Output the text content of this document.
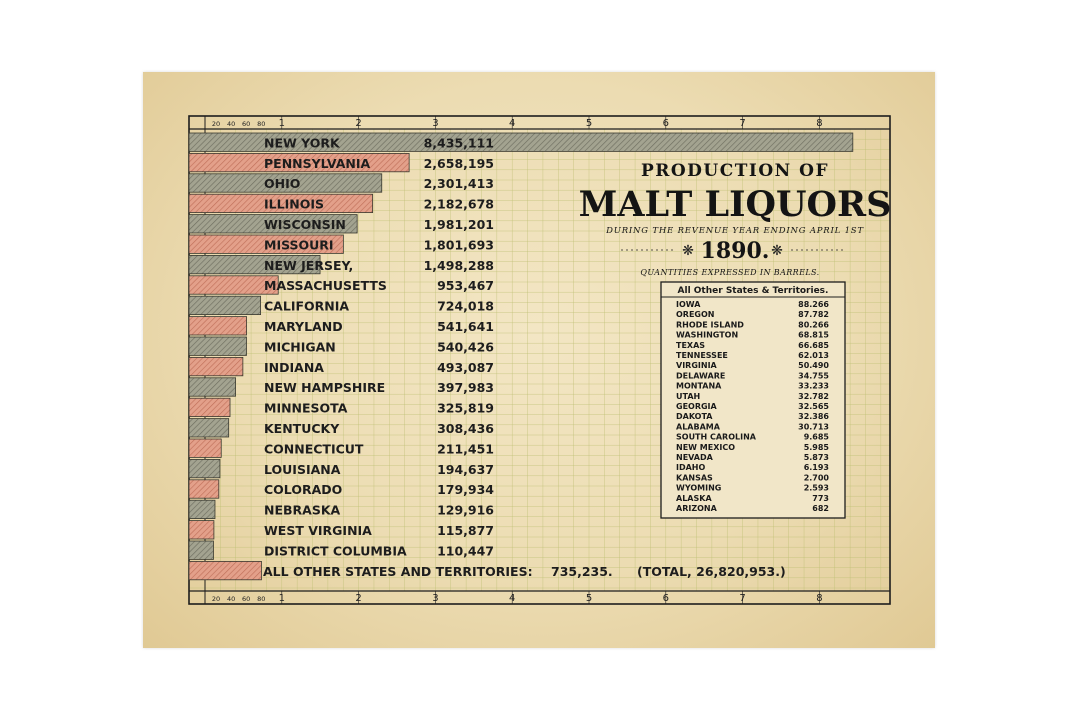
20 40 60 80 1	2	3	4	5	6	7	8
20 40 60 80 1	2	3	4	5	6	7	8
NEW YORK	8,435,111
PENNSYLVANIA	2,658,195
OHIO	2,301,413
ILLINOIS	2,182,678
WISCONSIN	1,981,201
MISSOURI	1,801,693
NEW JERSEY,	1,498,288
MASSACHUSETTS	953,467
CALIFORNIA	724,018
MARYLAND	541,641
MICHIGAN	540,426
INDIANA	493,087
NEW HAMPSHIRE	397,983
MINNESOTA	325,819
KENTUCKY	308,436
CONNECTICUT	211,451
LOUISIANA	194,637
COLORADO	179,934
NEBRASKA	129,916
WEST VIRGINIA	115,877
DISTRICT COLUMBIA 110,447
ALL OTHER STATES AND TERRITORIES: 735,235. (TOTAL, 26,820,953.)
PRODUCTION OF
MALT LIQUORS
DURING THE REVENUE YEAR ENDING APRIL 1ST
❋ 1890. ❋
QUANTITIES EXPRESSED IN BARRELS.
All Other States & Territories.
IOWA	88.266
OREGON	87.782
RHODE ISLAND	80.266
WASHINGTON	68.815
TEXAS	66.685
TENNESSEE	62.013
VIRGINIA	50.490
DELAWARE	34.755
MONTANA	33.233
UTAH	32.782
GEORGIA	32.565
DAKOTA	32.386
ALABAMA	30.713
SOUTH CAROLINA	9.685
NEW MEXICO	5.985
NEVADA	5.873
IDAHO	6.193
KANSAS	2.700
WYOMING	2.593
ALASKA	773
ARIZONA	682
